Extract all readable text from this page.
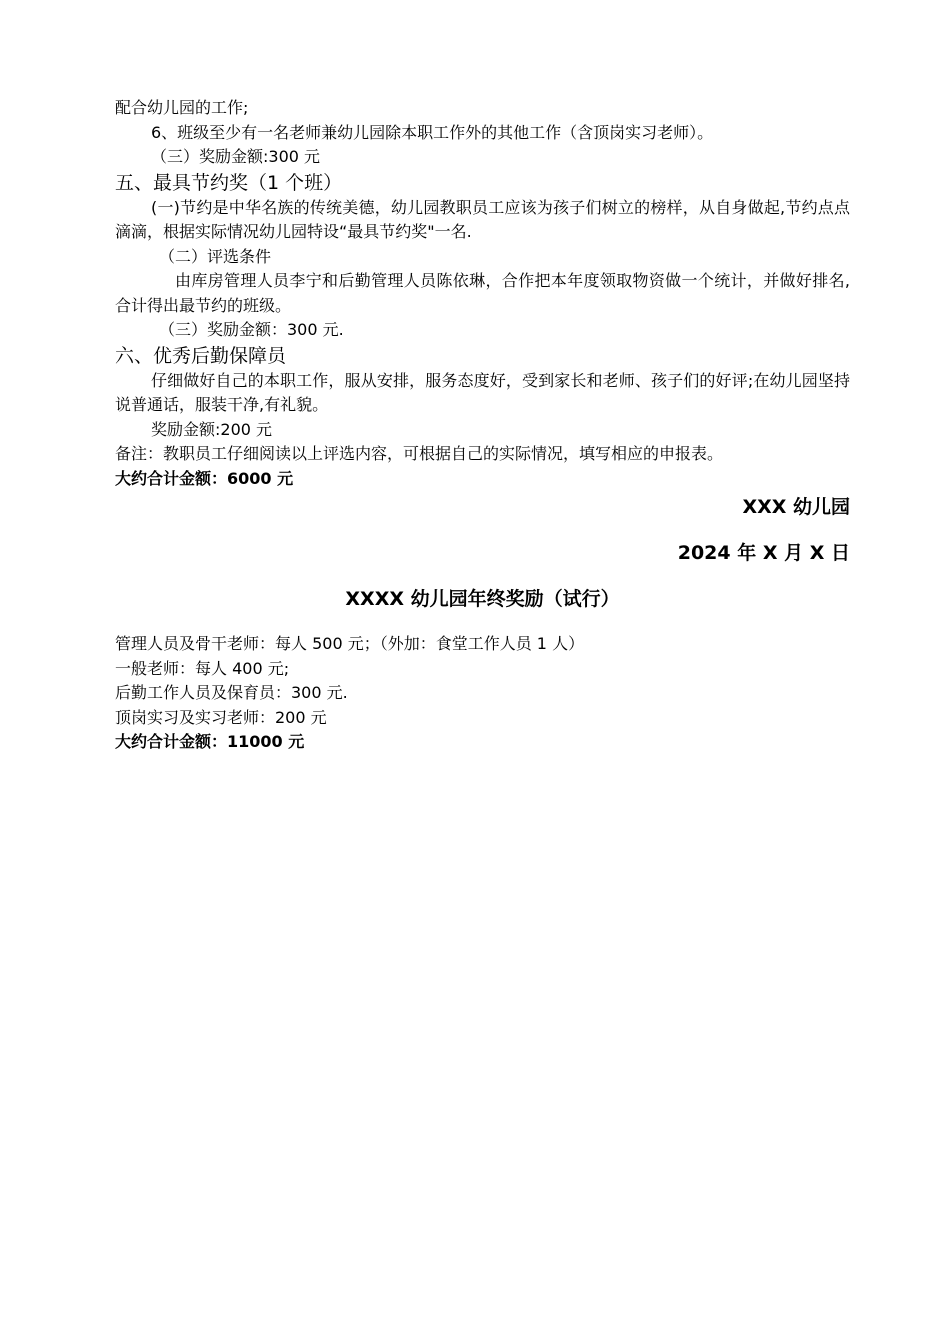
配合幼儿园的工作;

6、班级至少有一名老师兼幼儿园除本职工作外的其他工作（含顶岗实习老师）。

（三）奖励金额:300 元

五、最具节约奖（1 个班）

(一)节约是中华名族的传统美德，幼儿园教职员工应该为孩子们树立的榜样，从自身做起,节约点点滴滴，根据实际情况幼儿园特设“最具节约奖"一名.

（二）评选条件

由库房管理人员李宁和后勤管理人员陈依琳，合作把本年度领取物资做一个统计，并做好排名,合计得出最节约的班级。

（三）奖励金额：300 元.

六、优秀后勤保障员

仔细做好自己的本职工作，服从安排，服务态度好，受到家长和老师、孩子们的好评;在幼儿园坚持说普通话，服装干净,有礼貌。

奖励金额:200 元

备注：教职员工仔细阅读以上评选内容，可根据自己的实际情况，填写相应的申报表。

大约合计金额：6000 元

XXX 幼儿园

2024 年 X 月 X 日

XXXX 幼儿园年终奖励（试行）

管理人员及骨干老师：每人 500 元；（外加：食堂工作人员 1 人）

一般老师：每人 400 元;

后勤工作人员及保育员：300 元.

顶岗实习及实习老师：200 元

大约合计金额：11000 元
